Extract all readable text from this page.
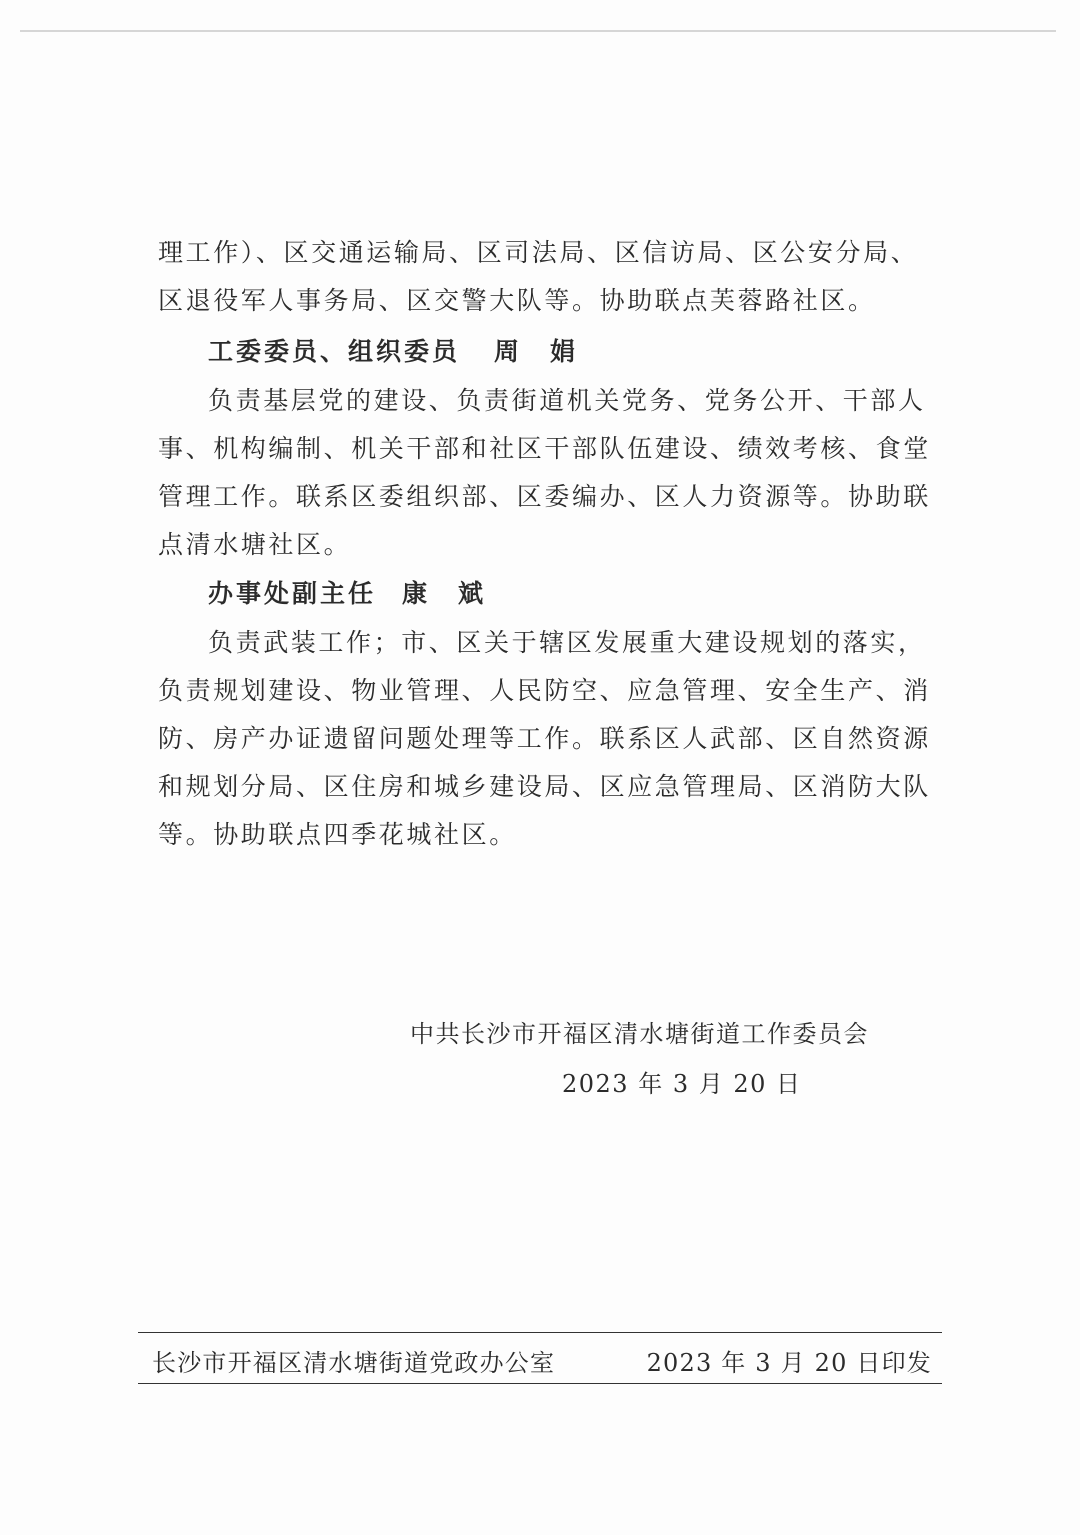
理工作）、区交通运输局、区司法局、区信访局、区公安分局、
区退役军人事务局、区交警大队等。协助联点芙蓉路社区。
工委委员、组织委员 周　娟
负责基层党的建设、负责街道机关党务、党务公开、干部人
事、机构编制、机关干部和社区干部队伍建设、绩效考核、食堂
管理工作。联系区委组织部、区委编办、区人力资源等。协助联
点清水塘社区。
办事处副主任 康　斌
负责武装工作；市、区关于辖区发展重大建设规划的落实，
负责规划建设、物业管理、人民防空、应急管理、安全生产、消
防、房产办证遗留问题处理等工作。联系区人武部、区自然资源
和规划分局、区住房和城乡建设局、区应急管理局、区消防大队
等。协助联点四季花城社区。
中共长沙市开福区清水塘街道工作委员会
2023 年 3 月 20 日
长沙市开福区清水塘街道党政办公室	2023 年 3 月 20 日印发
